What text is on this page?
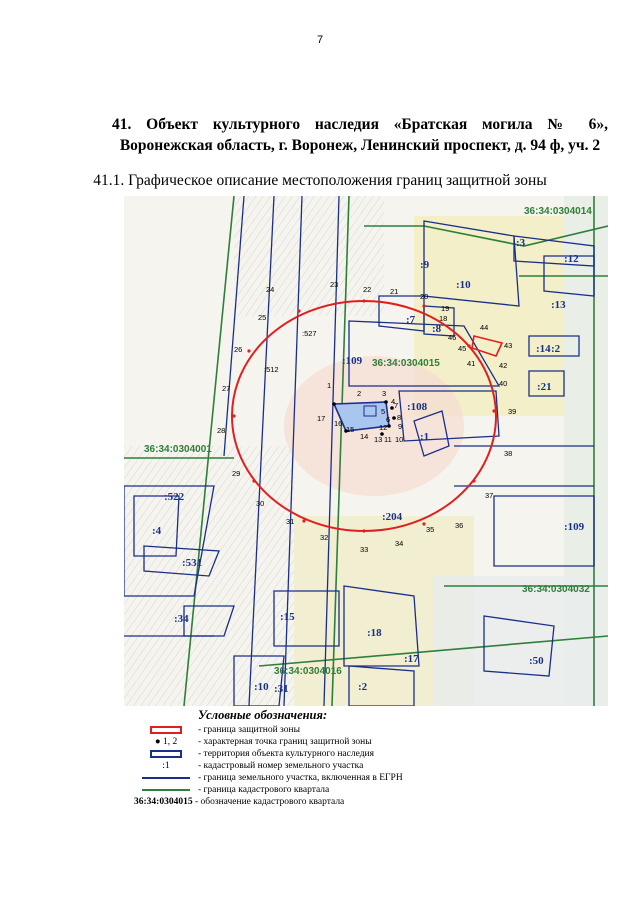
7
41. Объект культурного наследия «Братская могила № 6», Воронежская область, г. Воронеж, Ленинский проспект, д. 94 ф, уч. 2
41.1. Графическое описание местоположения границ защитной зоны
1
2	3
4
5
6
7
8
9
10
11
12
13
14
15
16
17
18
19
20
21
22
23
24
25
26
27
28
29
30
31
32
33
34
35	36
37
38
39
40
41	42
43
44
45
46
:9
:10
:3
:12
:13
:7
:8
:14 :2
:109
:108
:1
:21
:204
:522
:4
:531
:34
:109
:15
:18
:17	:50
:10 :31	:2
:512
:527
36:34:0304014
36:34:0304015
36:34:0304001
36:34:0304032
36:34:0304016
Условные обозначения:
- граница защитной зоны
● 1, 2 - характерная точка границ защитной зоны
- территория объекта культурного наследия
:1	- кадастровый номер земельного участка
- граница земельного участка, включенная в ЕГРН
- граница кадастрового квартала
36:34:0304015
- обозначение кадастрового квартала
